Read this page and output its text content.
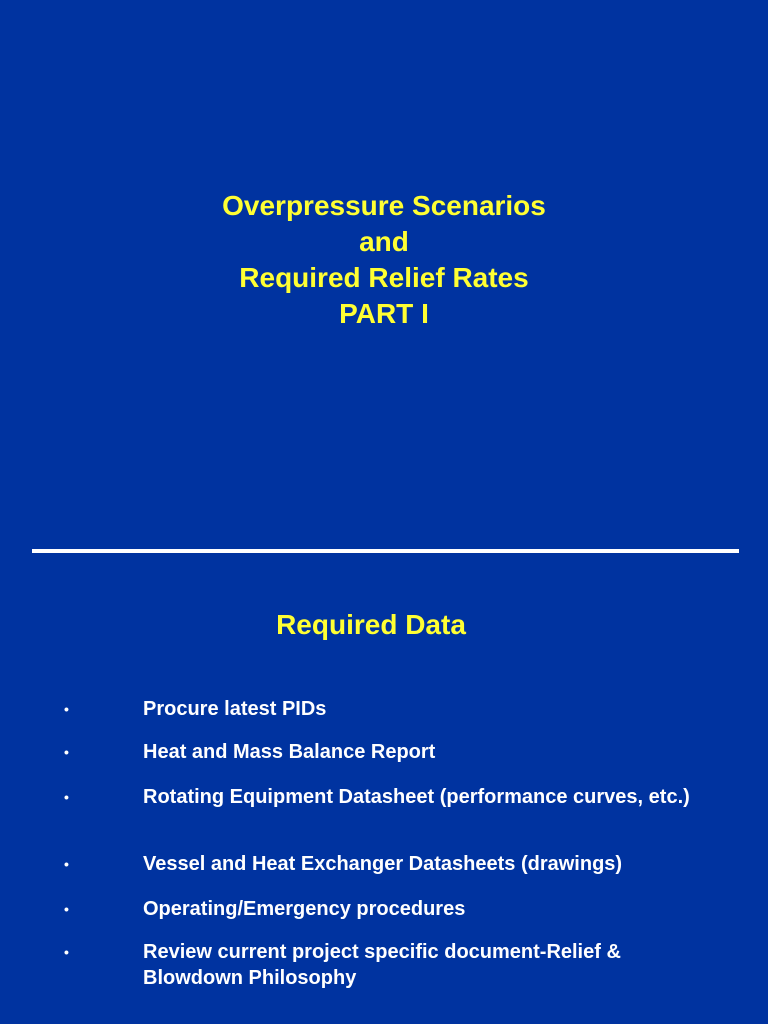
Overpressure Scenarios
and
Required Relief Rates
PART I
Required Data
•	Procure latest PIDs
•	Heat and Mass Balance Report
•	Rotating Equipment Datasheet (performance curves, etc.)
•	Vessel and Heat Exchanger Datasheets (drawings)
•	Operating/Emergency procedures
•	Review current project specific document-Relief & Blowdown Philosophy
